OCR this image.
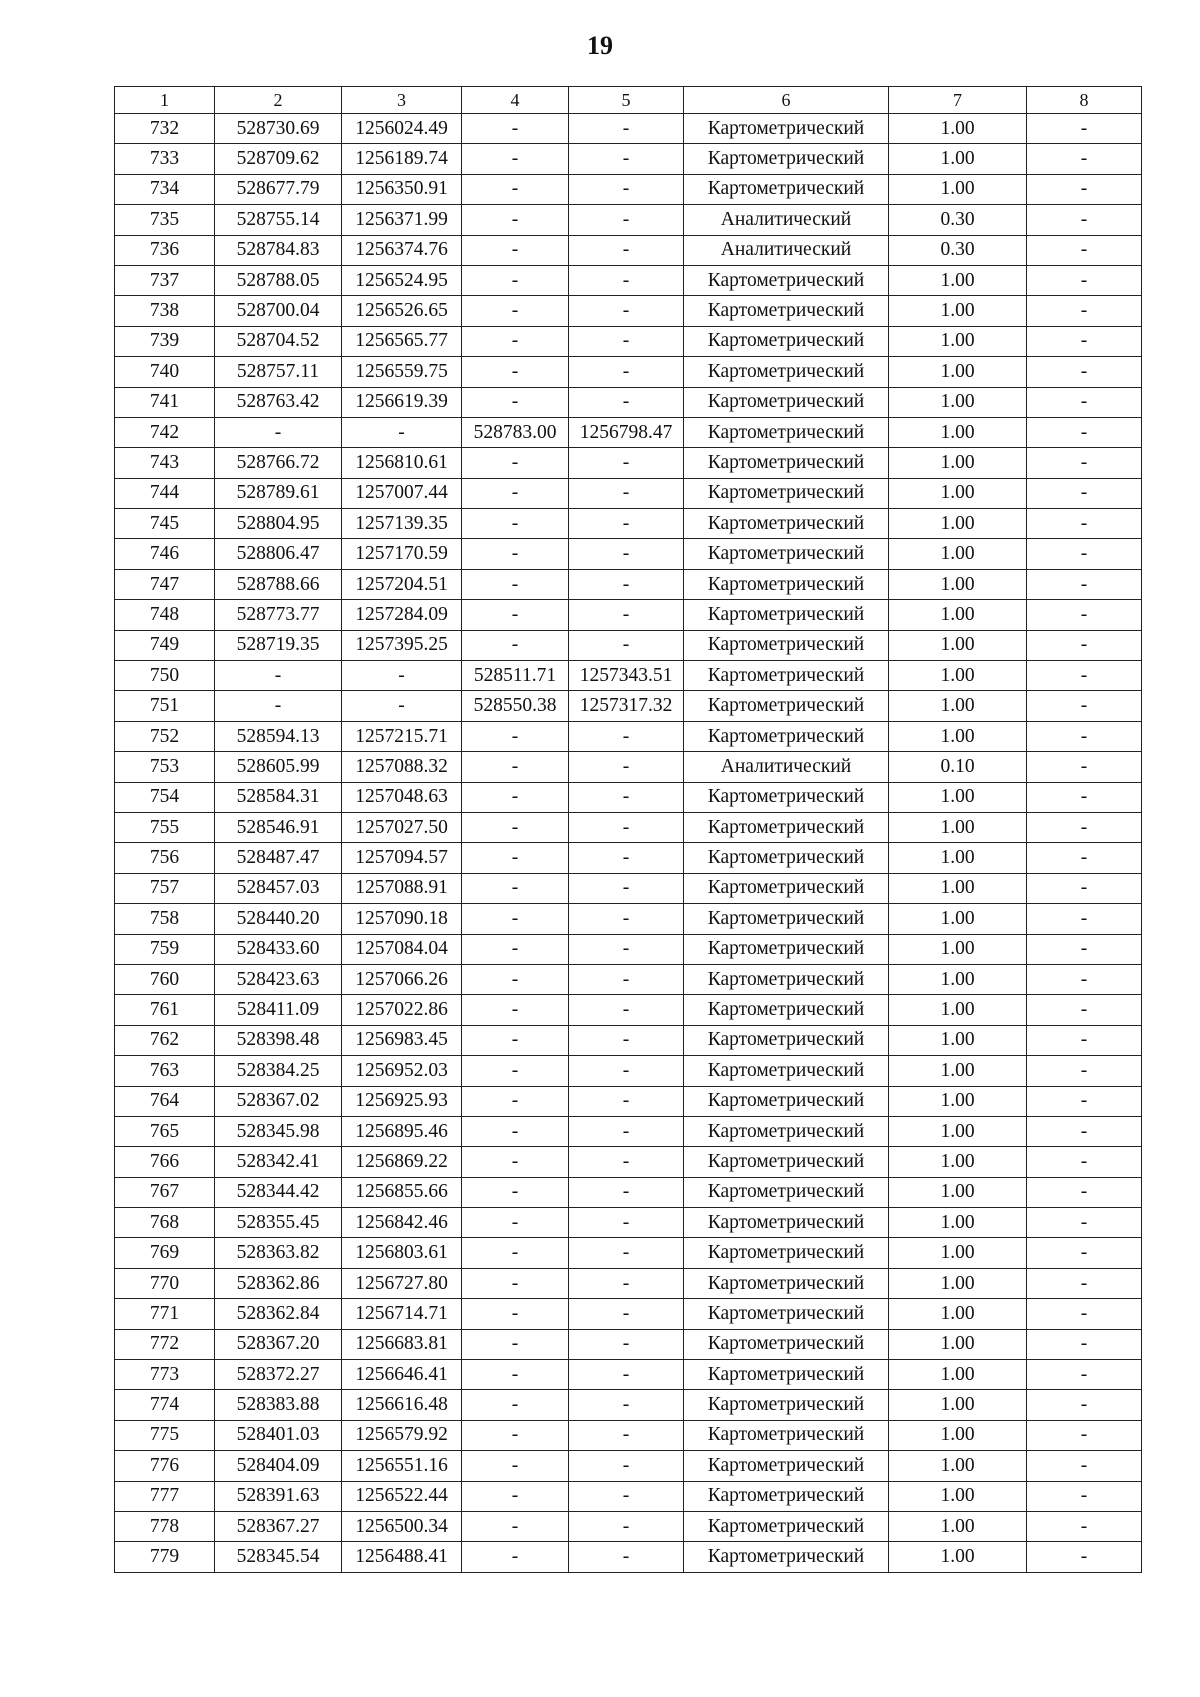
19
1	2	3	4	5	6	7	8
732	528730.69	1256024.49	-	-	Картометрический	1.00	-
733	528709.62	1256189.74	-	-	Картометрический	1.00	-
734	528677.79	1256350.91	-	-	Картометрический	1.00	-
735	528755.14	1256371.99	-	-	Аналитический	0.30	-
736	528784.83	1256374.76	-	-	Аналитический	0.30	-
737	528788.05	1256524.95	-	-	Картометрический	1.00	-
738	528700.04	1256526.65	-	-	Картометрический	1.00	-
739	528704.52	1256565.77	-	-	Картометрический	1.00	-
740	528757.11	1256559.75	-	-	Картометрический	1.00	-
741	528763.42	1256619.39	-	-	Картометрический	1.00	-
742	-	-	528783.00	1256798.47	Картометрический	1.00	-
743	528766.72	1256810.61	-	-	Картометрический	1.00	-
744	528789.61	1257007.44	-	-	Картометрический	1.00	-
745	528804.95	1257139.35	-	-	Картометрический	1.00	-
746	528806.47	1257170.59	-	-	Картометрический	1.00	-
747	528788.66	1257204.51	-	-	Картометрический	1.00	-
748	528773.77	1257284.09	-	-	Картометрический	1.00	-
749	528719.35	1257395.25	-	-	Картометрический	1.00	-
750	-	-	528511.71	1257343.51	Картометрический	1.00	-
751	-	-	528550.38	1257317.32	Картометрический	1.00	-
752	528594.13	1257215.71	-	-	Картометрический	1.00	-
753	528605.99	1257088.32	-	-	Аналитический	0.10	-
754	528584.31	1257048.63	-	-	Картометрический	1.00	-
755	528546.91	1257027.50	-	-	Картометрический	1.00	-
756	528487.47	1257094.57	-	-	Картометрический	1.00	-
757	528457.03	1257088.91	-	-	Картометрический	1.00	-
758	528440.20	1257090.18	-	-	Картометрический	1.00	-
759	528433.60	1257084.04	-	-	Картометрический	1.00	-
760	528423.63	1257066.26	-	-	Картометрический	1.00	-
761	528411.09	1257022.86	-	-	Картометрический	1.00	-
762	528398.48	1256983.45	-	-	Картометрический	1.00	-
763	528384.25	1256952.03	-	-	Картометрический	1.00	-
764	528367.02	1256925.93	-	-	Картометрический	1.00	-
765	528345.98	1256895.46	-	-	Картометрический	1.00	-
766	528342.41	1256869.22	-	-	Картометрический	1.00	-
767	528344.42	1256855.66	-	-	Картометрический	1.00	-
768	528355.45	1256842.46	-	-	Картометрический	1.00	-
769	528363.82	1256803.61	-	-	Картометрический	1.00	-
770	528362.86	1256727.80	-	-	Картометрический	1.00	-
771	528362.84	1256714.71	-	-	Картометрический	1.00	-
772	528367.20	1256683.81	-	-	Картометрический	1.00	-
773	528372.27	1256646.41	-	-	Картометрический	1.00	-
774	528383.88	1256616.48	-	-	Картометрический	1.00	-
775	528401.03	1256579.92	-	-	Картометрический	1.00	-
776	528404.09	1256551.16	-	-	Картометрический	1.00	-
777	528391.63	1256522.44	-	-	Картометрический	1.00	-
778	528367.27	1256500.34	-	-	Картометрический	1.00	-
779	528345.54	1256488.41	-	-	Картометрический	1.00	-
